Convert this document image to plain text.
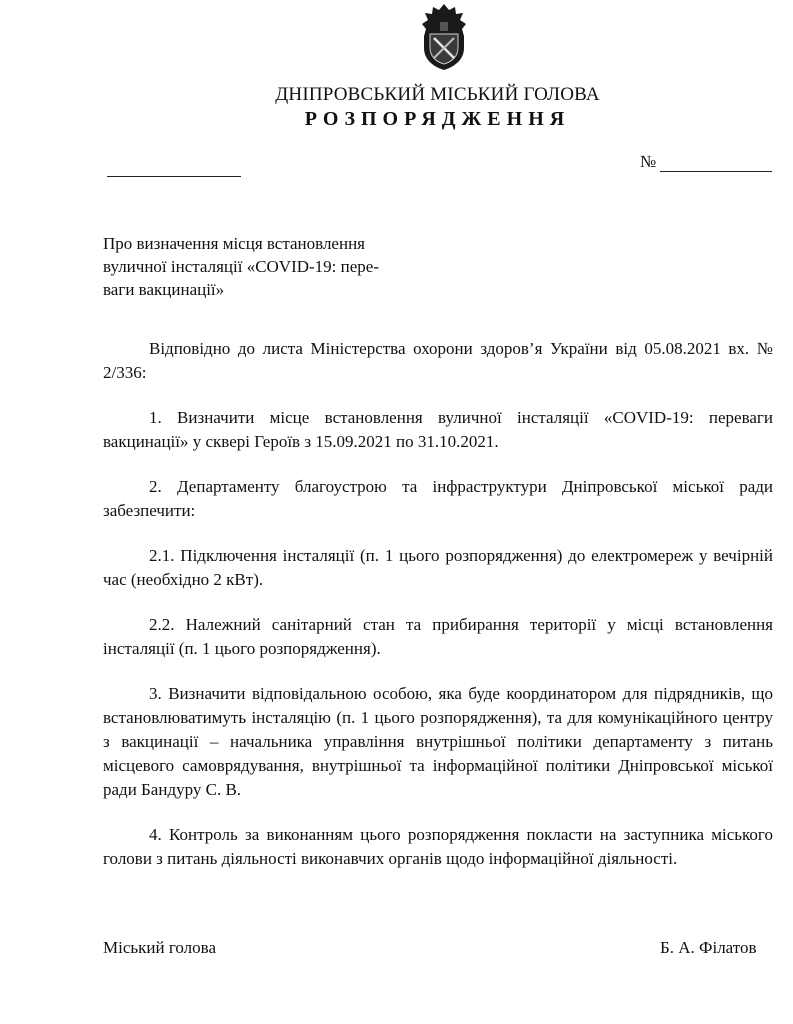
ДНІПРОВСЬКИЙ МІСЬКИЙ ГОЛОВА
РОЗПОРЯДЖЕННЯ
№
Про визначення місця встановлення
вуличної інсталяції «COVID-19: пере-
ваги вакцинації»

Відповідно до листа Міністерства охорони здоров’я України від 05.08.2021 вх. № 2/336:

1. Визначити місце встановлення вуличної інсталяції «COVID-19: переваги вакцинації» у сквері Героїв з 15.09.2021 по 31.10.2021.

2. Департаменту благоустрою та інфраструктури Дніпровської міської ради забезпечити:

2.1. Підключення інсталяції (п. 1 цього розпорядження) до електромереж у вечірній час (необхідно 2 кВт).

2.2. Належний санітарний стан та прибирання території у місці встановлення інсталяції (п. 1 цього розпорядження).

3. Визначити відповідальною особою, яка буде координатором для підрядників, що встановлюватимуть інсталяцію (п. 1 цього розпорядження), та для комунікаційного центру з вакцинації – начальника управління внутрішньої політики департаменту з питань місцевого самоврядування, внутрішньої та інформаційної політики Дніпровської міської ради Бандуру С. В.

4. Контроль за виконанням цього розпорядження покласти на заступника міського голови з питань діяльності виконавчих органів щодо інформаційної діяльності.

Міський голова	Б. А. Філатов
